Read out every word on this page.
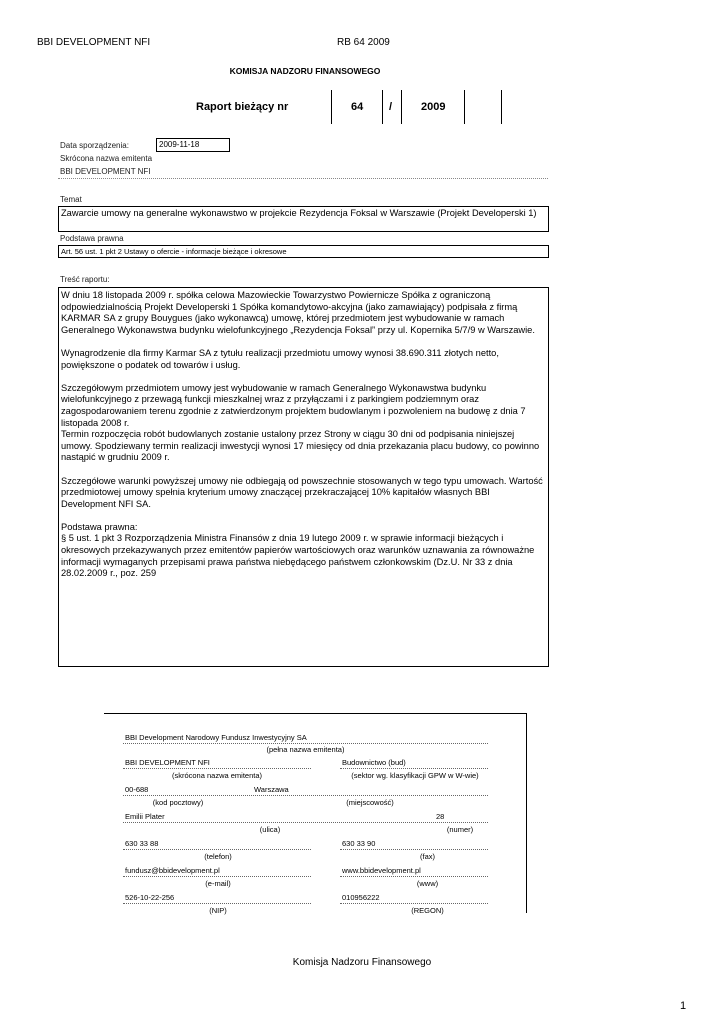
BBI DEVELOPMENT NFI	RB 64 2009
KOMISJA NADZORU FINANSOWEGO
Raport bieżący nr	64 /	2009
Data sporządzenia:	2009-11-18
Skrócona nazwa emitenta
BBI DEVELOPMENT NFI
Temat
Zawarcie umowy na generalne wykonawstwo w projekcie Rezydencja Foksal w Warszawie (Projekt Developerski 1)
Podstawa prawna
Art. 56 ust. 1 pkt 2 Ustawy o ofercie - informacje bieżące i okresowe
Treść raportu:

W dniu 18 listopada 2009 r. spółka celowa Mazowieckie Towarzystwo Powiernicze Spółka z ograniczoną odpowiedzialnością Projekt Developerski 1 Spółka komandytowo-akcyjna (jako zamawiający) podpisała z firmą KARMAR SA z grupy Bouygues (jako wykonawcą) umowę, której przedmiotem jest wybudowanie w ramach Generalnego Wykonawstwa budynku wielofunkcyjnego „Rezydencja Foksal” przy ul. Kopernika 5/7/9 w Warszawie.

Wynagrodzenie dla firmy Karmar SA z tytułu realizacji przedmiotu umowy wynosi 38.690.311 złotych netto, powiększone o podatek od towarów i usług.

Szczegółowym przedmiotem umowy jest wybudowanie w ramach Generalnego Wykonawstwa budynku wielofunkcyjnego z przewagą funkcji mieszkalnej wraz z przyłączami i z parkingiem podziemnym oraz zagospodarowaniem terenu zgodnie z zatwierdzonym projektem budowlanym i pozwoleniem na budowę z dnia 7 listopada 2008 r.

Termin rozpoczęcia robót budowlanych zostanie ustalony przez Strony w ciągu 30 dni od podpisania niniejszej umowy. Spodziewany termin realizacji inwestycji wynosi 17 miesięcy od dnia przekazania placu budowy, co powinno nastąpić w grudniu 2009 r.

Szczegółowe warunki powyższej umowy nie odbiegają od powszechnie stosowanych w tego typu umowach. Wartość przedmiotowej umowy spełnia kryterium umowy znaczącej przekraczającej 10% kapitałów własnych BBI Development NFI SA.

Podstawa prawna:

§ 5 ust. 1 pkt 3 Rozporządzenia Ministra Finansów z dnia 19 lutego 2009 r. w sprawie informacji bieżących i okresowych przekazywanych przez emitentów papierów wartościowych oraz warunków uznawania za równoważne informacji wymaganych przepisami prawa państwa niebędącego państwem członkowskim (Dz.U. Nr 33 z dnia 28.02.2009 r., poz. 259

BBI Development Narodowy Fundusz Inwestycyjny SA
(pełna nazwa emitenta)
BBI DEVELOPMENT NFI
(skrócona nazwa emitenta)
Budownictwo (bud)
(sektor wg. klasyfikacji GPW w W-wie)
00-688	Warszawa
(kod pocztowy)	(miejscowość)
Emilii Plater	28
(ulica)	(numer)
630 33 88
(telefon)
630 33 90
(fax)
fundusz@bbidevelopment.pl
(e-mail)
www.bbidevelopment.pl
(www)
526-10-22-256
(NIP)
010956222
(REGON)
Komisja Nadzoru Finansowego
1
